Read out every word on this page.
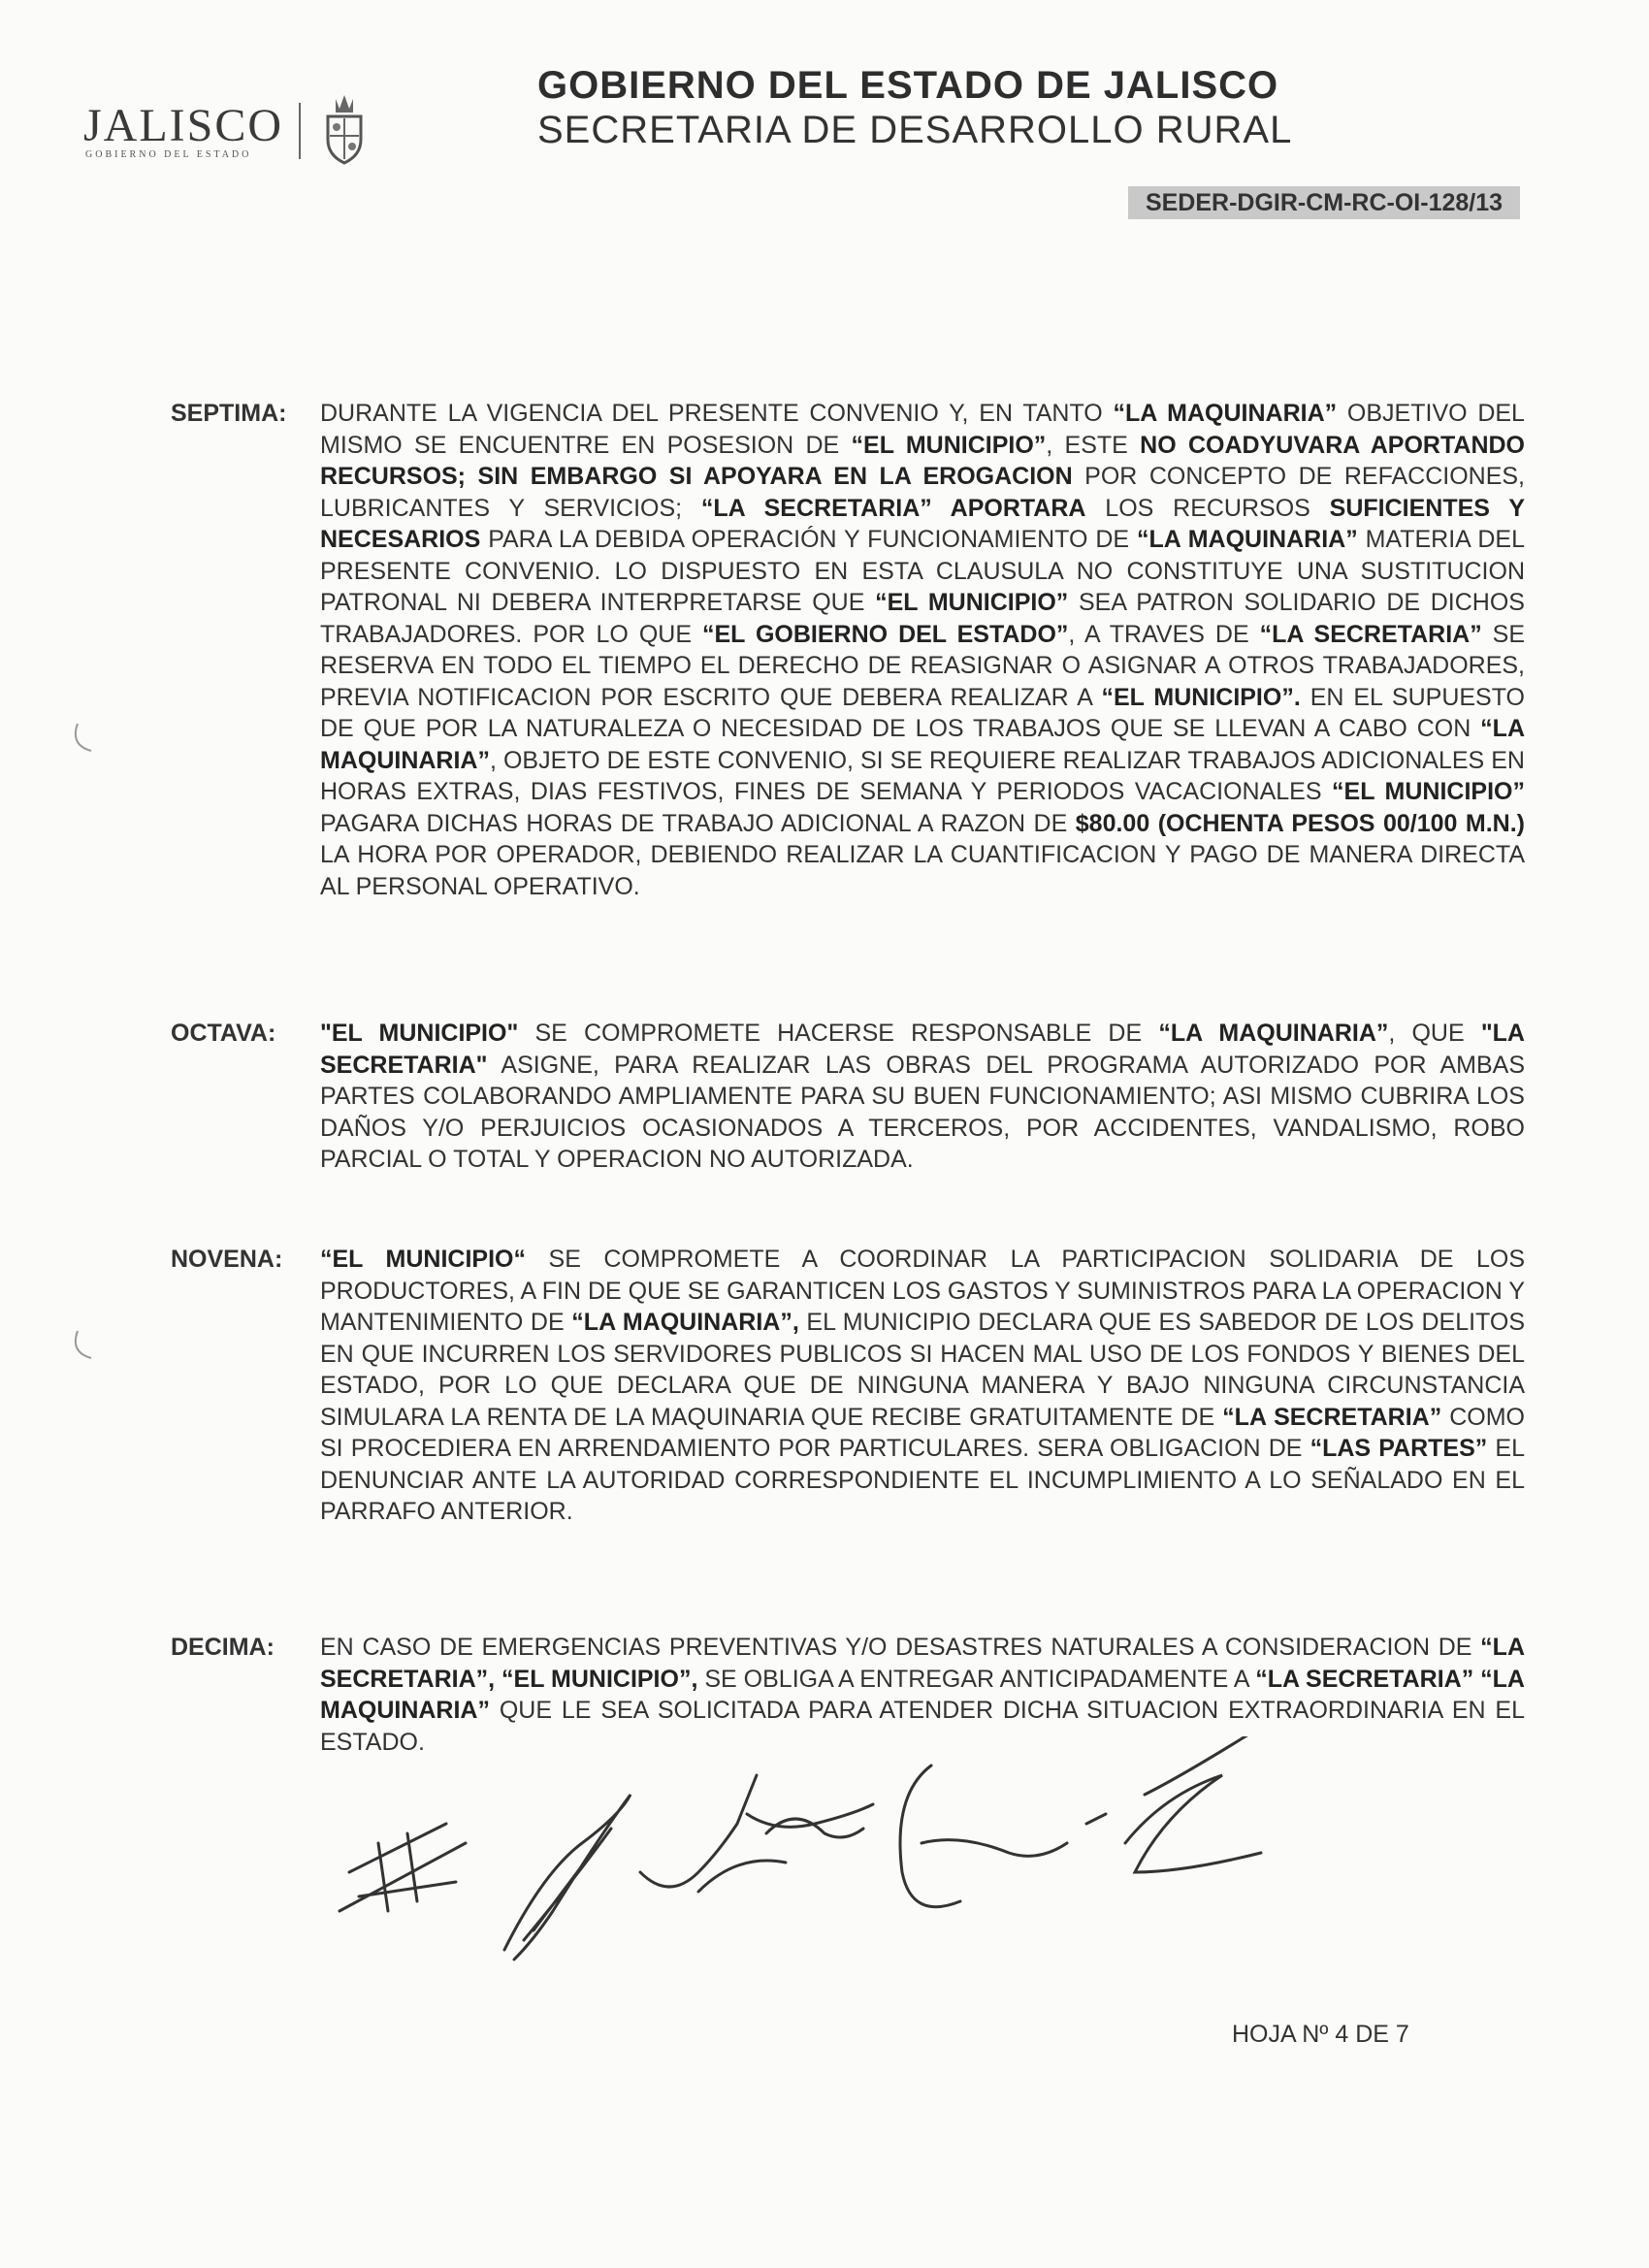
JALISCO
GOBIERNO DEL ESTADO
GOBIERNO DEL ESTADO DE JALISCO
SECRETARIA DE DESARROLLO RURAL
SEDER-DGIR-CM-RC-OI-128/13
SEPTIMA: DURANTE LA VIGENCIA DEL PRESENTE CONVENIO Y, EN TANTO “LA MAQUINARIA” OBJETIVO DEL MISMO SE ENCUENTRE EN POSESION DE “EL MUNICIPIO”, ESTE NO COADYUVARA APORTANDO RECURSOS; SIN EMBARGO SI APOYARA EN LA EROGACION POR CONCEPTO DE REFACCIONES, LUBRICANTES Y SERVICIOS; “LA SECRETARIA” APORTARA LOS RECURSOS SUFICIENTES Y NECESARIOS PARA LA DEBIDA OPERACIÓN Y FUNCIONAMIENTO DE “LA MAQUINARIA” MATERIA DEL PRESENTE CONVENIO. LO DISPUESTO EN ESTA CLAUSULA NO CONSTITUYE UNA SUSTITUCION PATRONAL NI DEBERA INTERPRETARSE QUE “EL MUNICIPIO” SEA PATRON SOLIDARIO DE DICHOS TRABAJADORES. POR LO QUE “EL GOBIERNO DEL ESTADO”, A TRAVES DE “LA SECRETARIA” SE RESERVA EN TODO EL TIEMPO EL DERECHO DE REASIGNAR O ASIGNAR A OTROS TRABAJADORES, PREVIA NOTIFICACION POR ESCRITO QUE DEBERA REALIZAR A “EL MUNICIPIO”. EN EL SUPUESTO DE QUE POR LA NATURALEZA O NECESIDAD DE LOS TRABAJOS QUE SE LLEVAN A CABO CON “LA MAQUINARIA”, OBJETO DE ESTE CONVENIO, SI SE REQUIERE REALIZAR TRABAJOS ADICIONALES EN HORAS EXTRAS, DIAS FESTIVOS, FINES DE SEMANA Y PERIODOS VACACIONALES “EL MUNICIPIO” PAGARA DICHAS HORAS DE TRABAJO ADICIONAL A RAZON DE $80.00 (OCHENTA PESOS 00/100 M.N.) LA HORA POR OPERADOR, DEBIENDO REALIZAR LA CUANTIFICACION Y PAGO DE MANERA DIRECTA AL PERSONAL OPERATIVO.
OCTAVA: "EL MUNICIPIO" SE COMPROMETE HACERSE RESPONSABLE DE “LA MAQUINARIA”, QUE "LA SECRETARIA" ASIGNE, PARA REALIZAR LAS OBRAS DEL PROGRAMA AUTORIZADO POR AMBAS PARTES COLABORANDO AMPLIAMENTE PARA SU BUEN FUNCIONAMIENTO; ASI MISMO CUBRIRA LOS DAÑOS Y/O PERJUICIOS OCASIONADOS A TERCEROS, POR ACCIDENTES, VANDALISMO, ROBO PARCIAL O TOTAL Y OPERACION NO AUTORIZADA.
NOVENA: “EL MUNICIPIO“ SE COMPROMETE A COORDINAR LA PARTICIPACION SOLIDARIA DE LOS PRODUCTORES, A FIN DE QUE SE GARANTICEN LOS GASTOS Y SUMINISTROS PARA LA OPERACION Y MANTENIMIENTO DE “LA MAQUINARIA”, EL MUNICIPIO DECLARA QUE ES SABEDOR DE LOS DELITOS EN QUE INCURREN LOS SERVIDORES PUBLICOS SI HACEN MAL USO DE LOS FONDOS Y BIENES DEL ESTADO, POR LO QUE DECLARA QUE DE NINGUNA MANERA Y BAJO NINGUNA CIRCUNSTANCIA SIMULARA LA RENTA DE LA MAQUINARIA QUE RECIBE GRATUITAMENTE DE “LA SECRETARIA” COMO SI PROCEDIERA EN ARRENDAMIENTO POR PARTICULARES. SERA OBLIGACION DE “LAS PARTES” EL DENUNCIAR ANTE LA AUTORIDAD CORRESPONDIENTE EL INCUMPLIMIENTO A LO SEÑALADO EN EL PARRAFO ANTERIOR.
DECIMA: EN CASO DE EMERGENCIAS PREVENTIVAS Y/O DESASTRES NATURALES A CONSIDERACION DE “LA SECRETARIA”, “EL MUNICIPIO”, SE OBLIGA A ENTREGAR ANTICIPADAMENTE A “LA SECRETARIA” “LA MAQUINARIA” QUE LE SEA SOLICITADA PARA ATENDER DICHA SITUACION EXTRAORDINARIA EN EL ESTADO.
HOJA Nº 4 DE 7
